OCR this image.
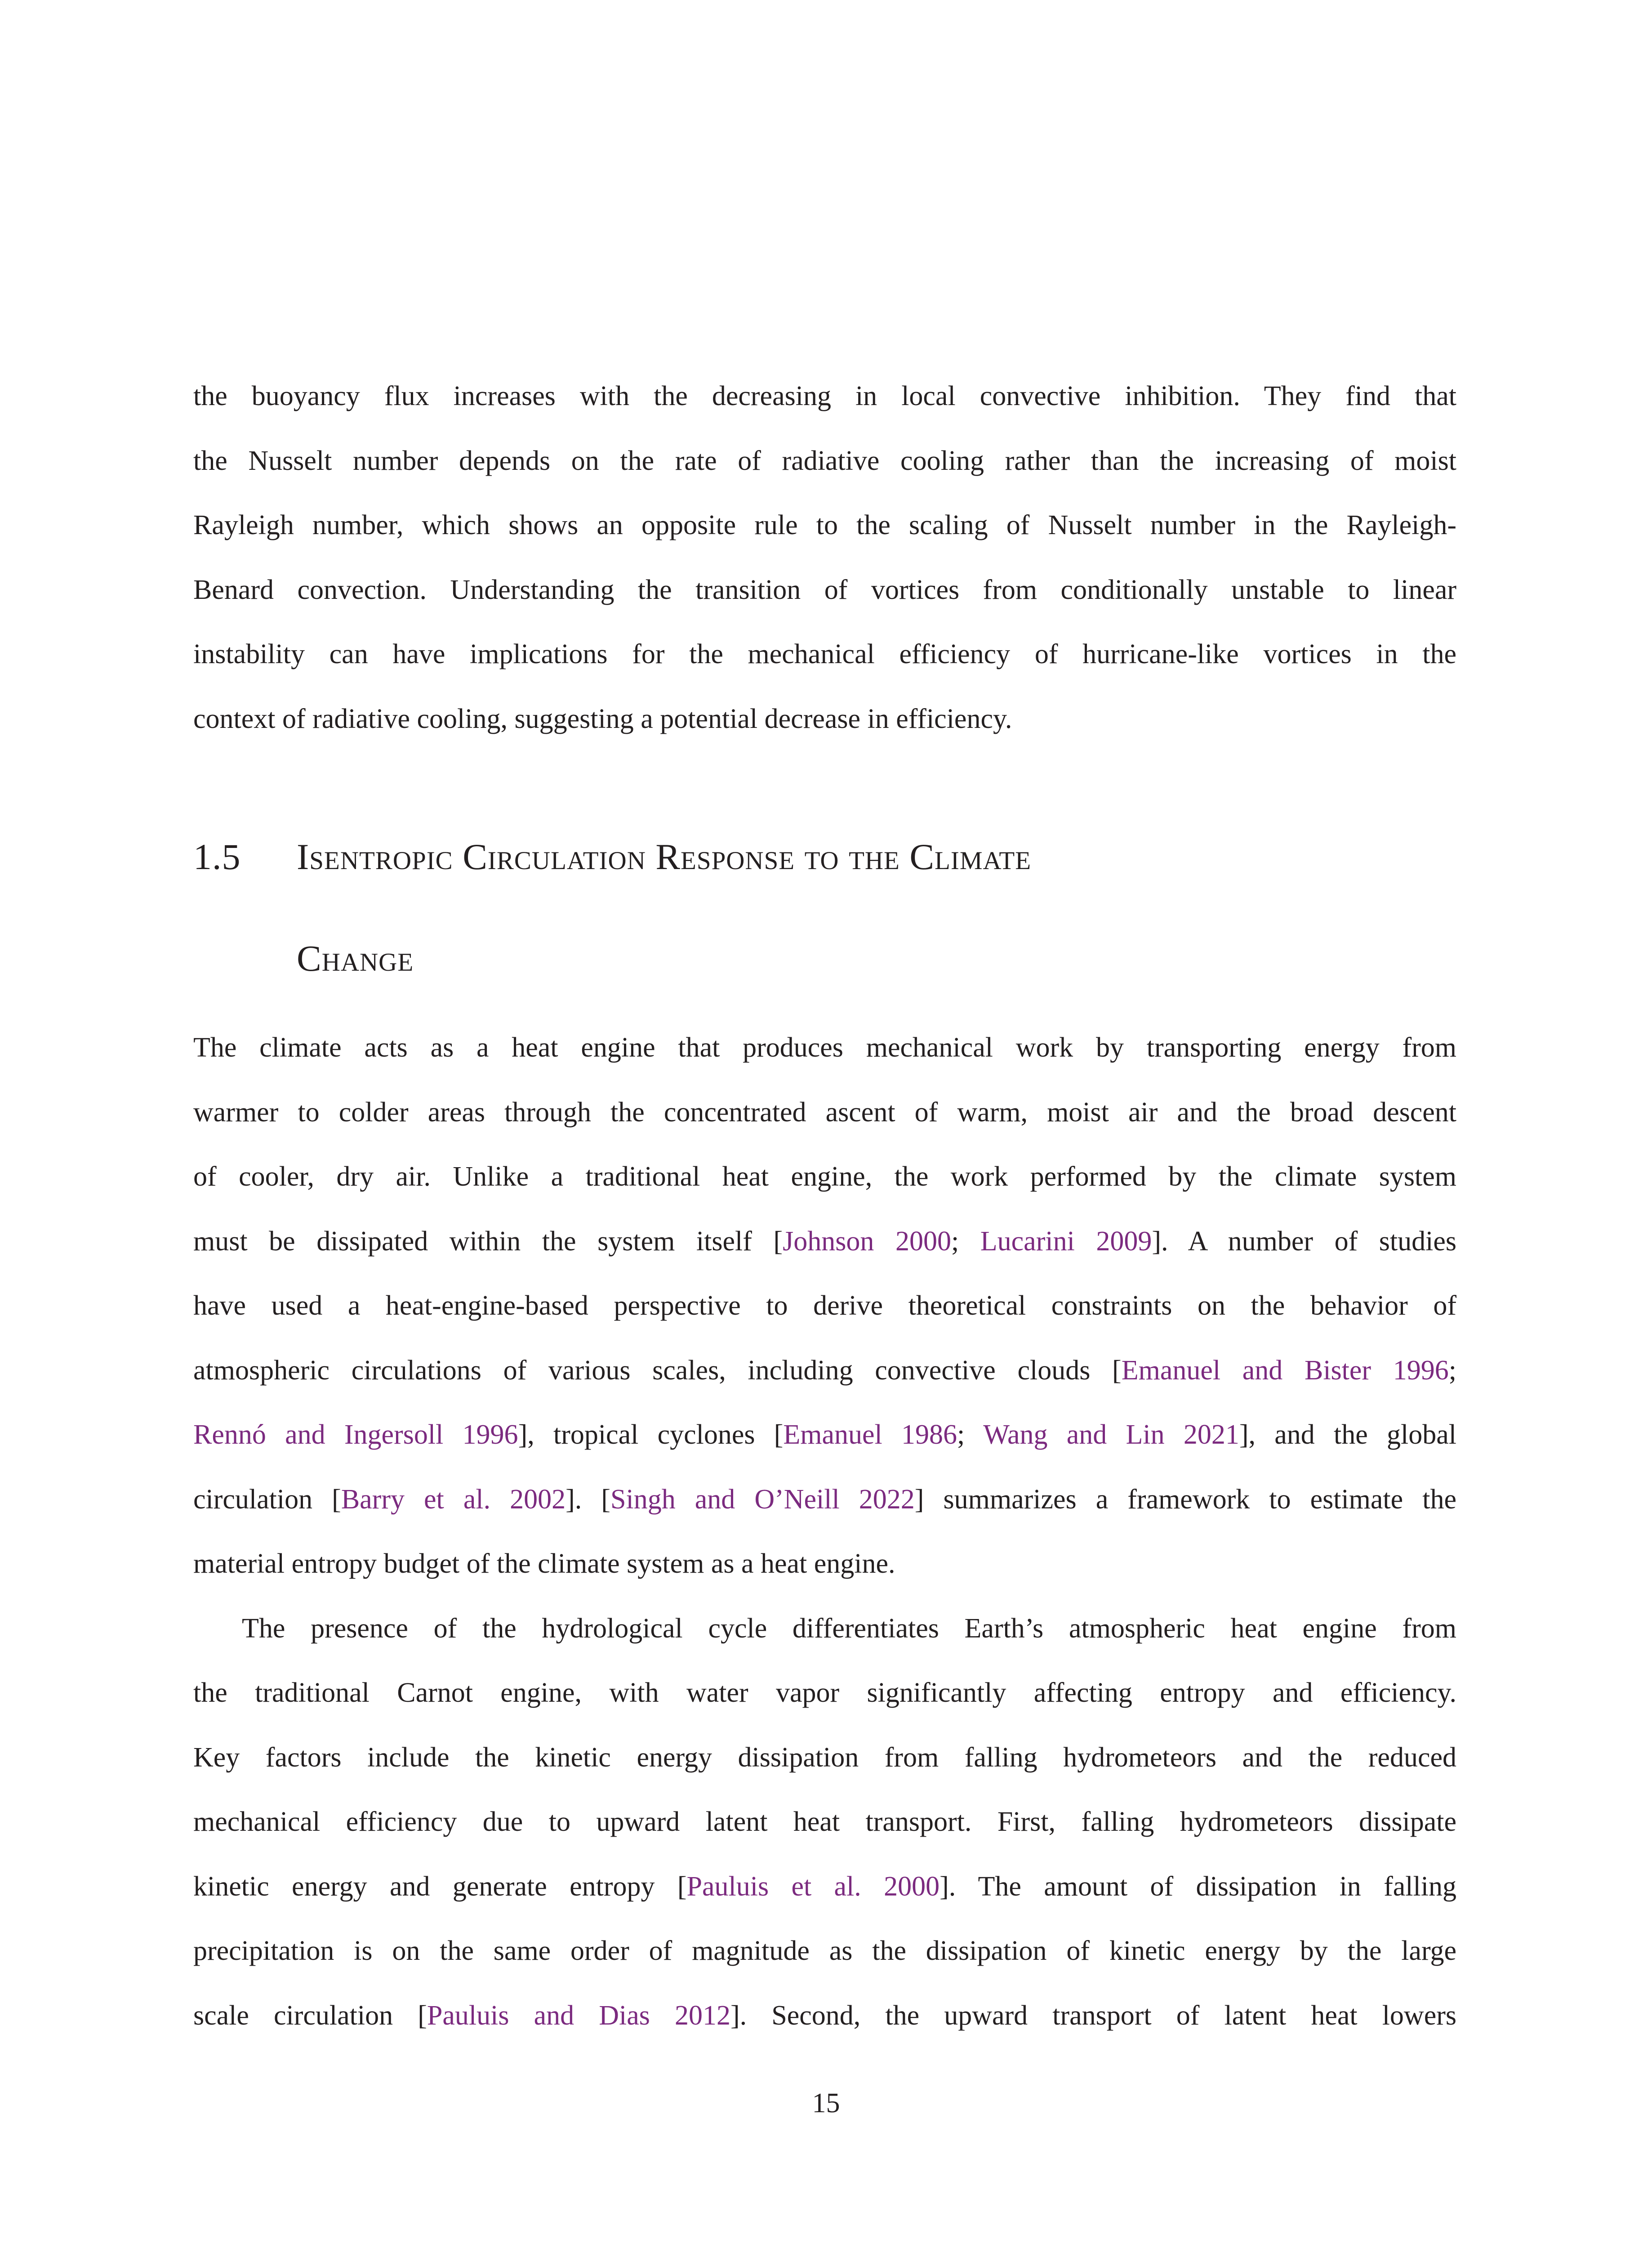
the buoyancy flux increases with the decreasing in local convective inhibition. They find that
the Nusselt number depends on the rate of radiative cooling rather than the increasing of moist
Rayleigh number, which shows an opposite rule to the scaling of Nusselt number in the Rayleigh-
Benard convection. Understanding the transition of vortices from conditionally unstable to linear
instability can have implications for the mechanical efficiency of hurricane-like vortices in the
context of radiative cooling, suggesting a potential decrease in efficiency.

1.5 Isentropic Circulation Response to the Climate
Change

The climate acts as a heat engine that produces mechanical work by transporting energy from
warmer to colder areas through the concentrated ascent of warm, moist air and the broad descent
of cooler, dry air. Unlike a traditional heat engine, the work performed by the climate system
must be dissipated within the system itself [Johnson 2000; Lucarini 2009]. A number of studies
have used a heat-engine-based perspective to derive theoretical constraints on the behavior of
atmospheric circulations of various scales, including convective clouds [Emanuel and Bister 1996;
Rennó and Ingersoll 1996], tropical cyclones [Emanuel 1986; Wang and Lin 2021], and the global
circulation [Barry et al. 2002]. [Singh and O’Neill 2022] summarizes a framework to estimate the
material entropy budget of the climate system as a heat engine.

The presence of the hydrological cycle differentiates Earth’s atmospheric heat engine from
the traditional Carnot engine, with water vapor significantly affecting entropy and efficiency.
Key factors include the kinetic energy dissipation from falling hydrometeors and the reduced
mechanical efficiency due to upward latent heat transport. First, falling hydrometeors dissipate
kinetic energy and generate entropy [Pauluis et al. 2000]. The amount of dissipation in falling
precipitation is on the same order of magnitude as the dissipation of kinetic energy by the large
scale circulation [Pauluis and Dias 2012]. Second, the upward transport of latent heat lowers

15
